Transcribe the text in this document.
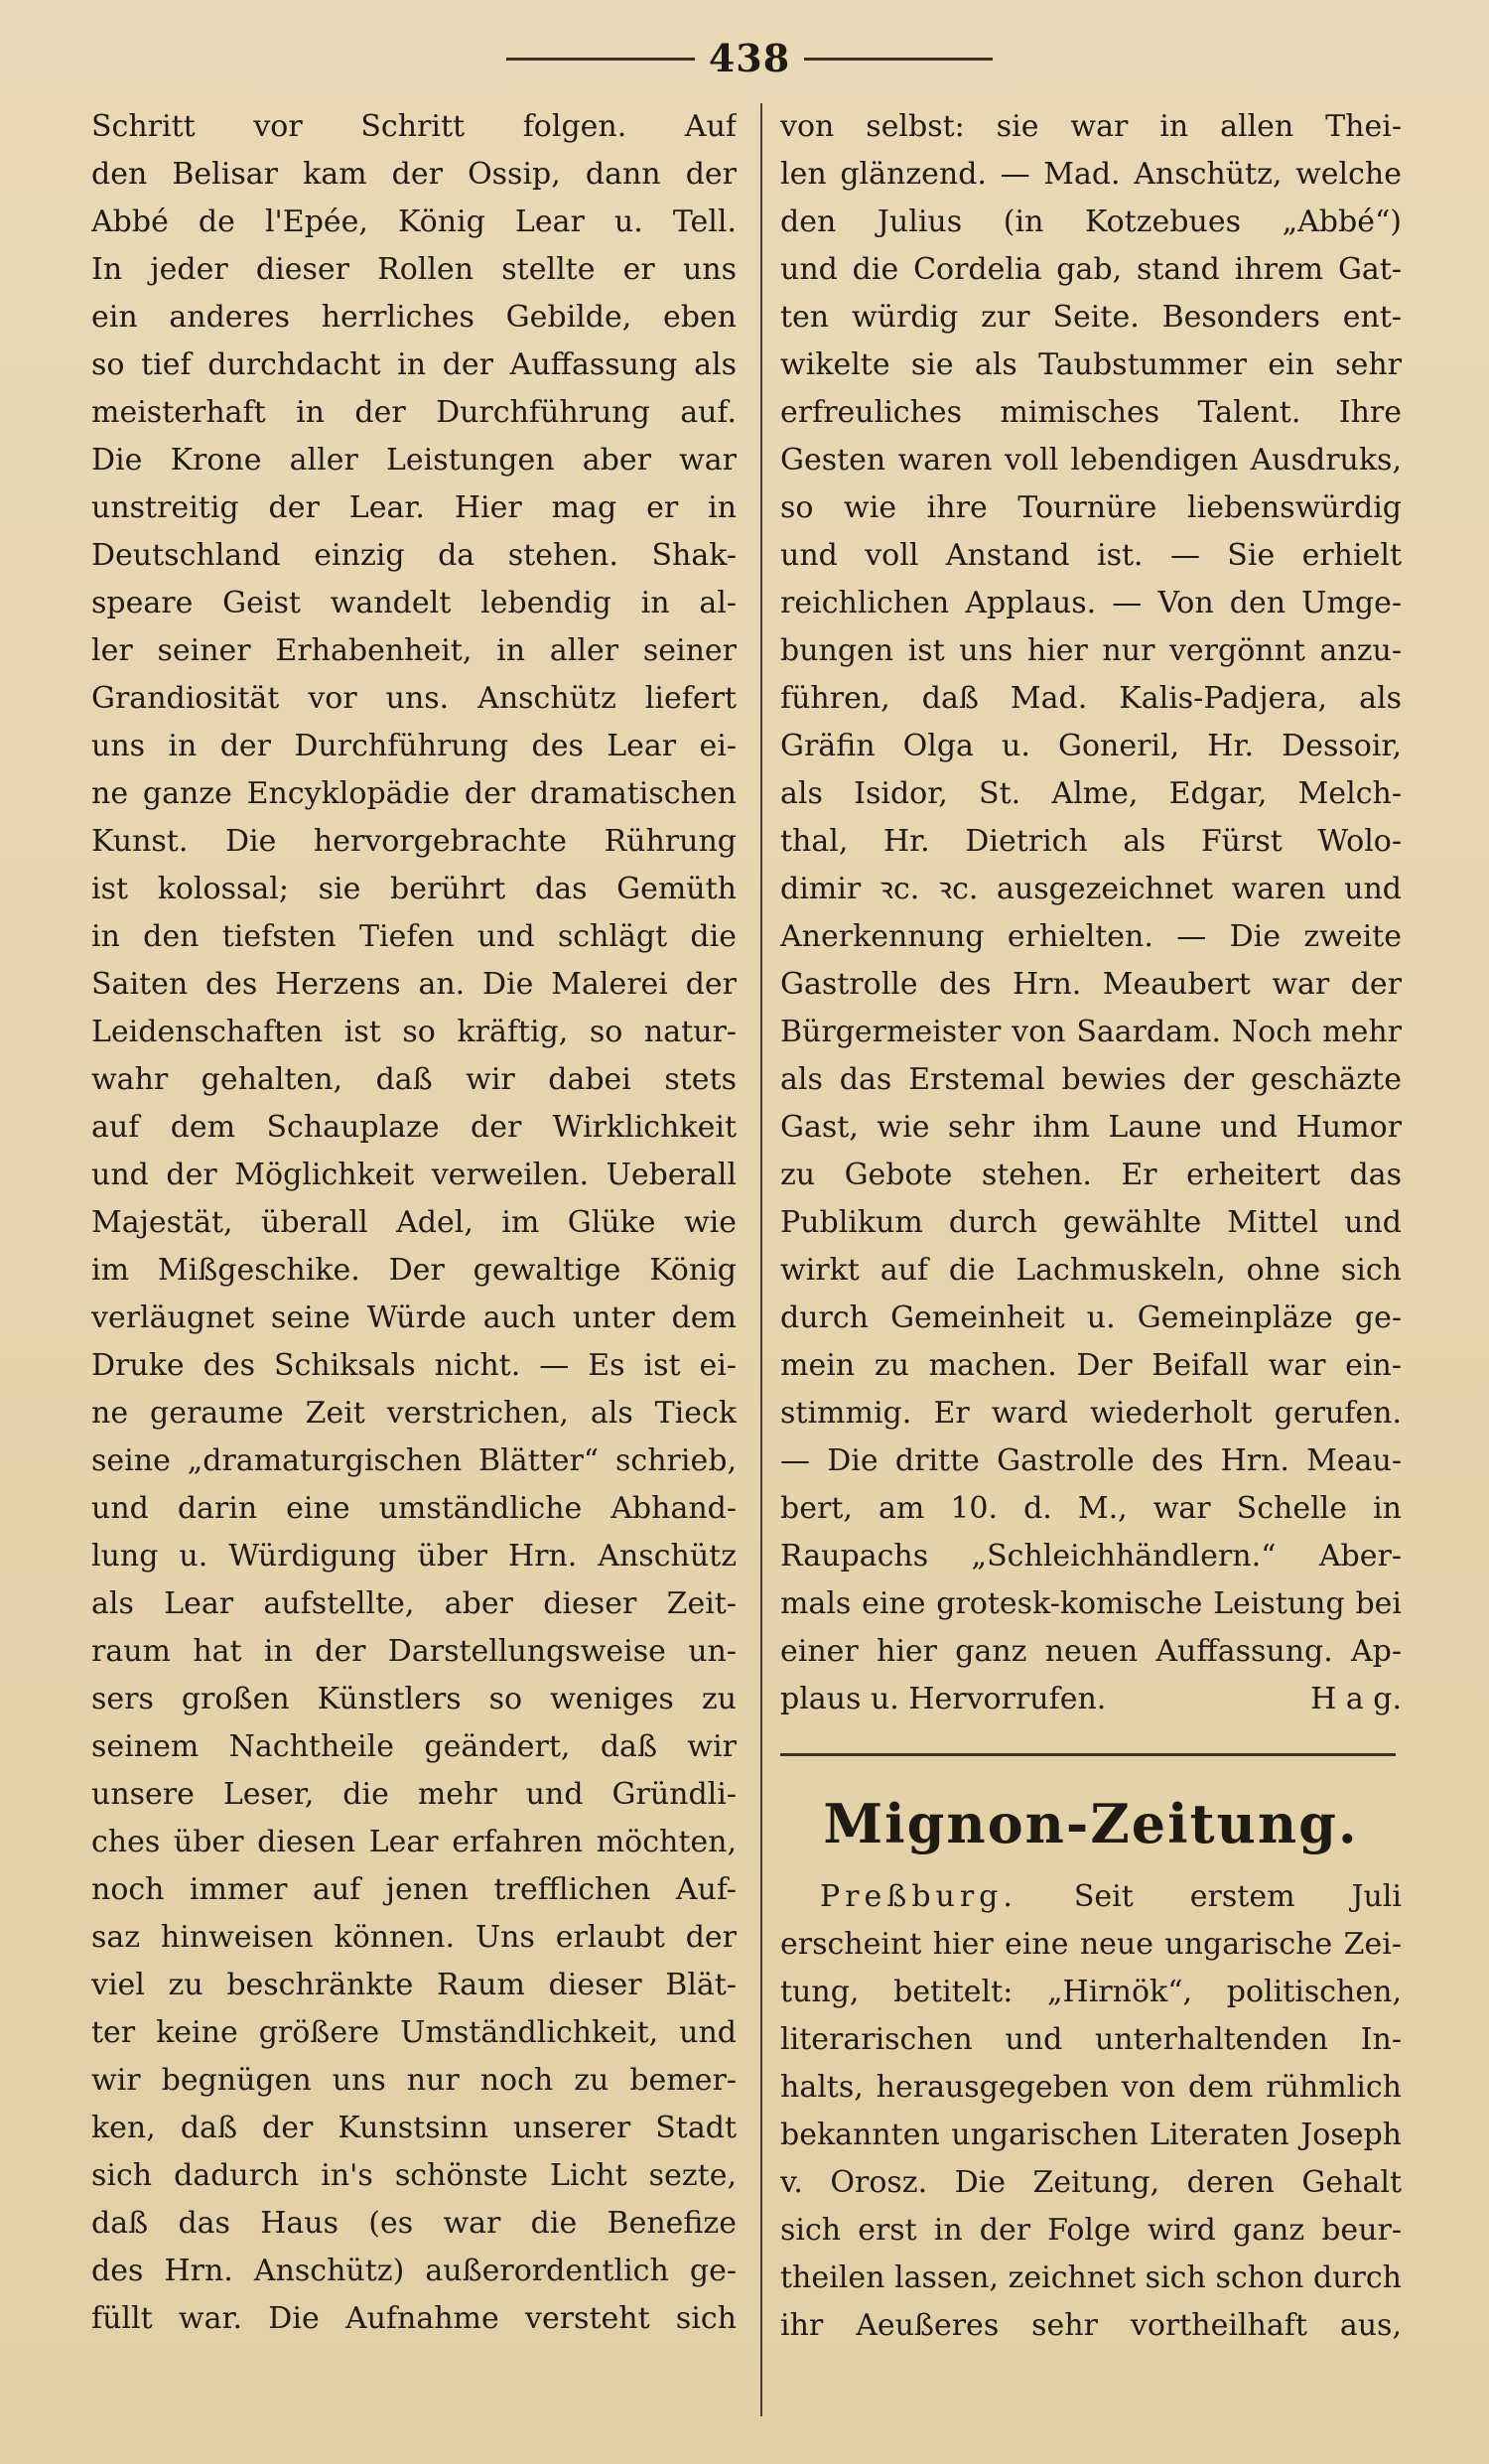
438
Schritt vor Schritt folgen. Auf
den Belisar kam der Ossip, dann der
Abbé de l'Epée, König Lear u. Tell.
In jeder dieser Rollen stellte er uns
ein anderes herrliches Gebilde, eben
so tief durchdacht in der Auffassung als
meisterhaft in der Durchführung auf.
Die Krone aller Leistungen aber war
unstreitig der Lear. Hier mag er in
Deutschland einzig da stehen. Shak-
speare Geist wandelt lebendig in al-
ler seiner Erhabenheit, in aller seiner
Grandiosität vor uns. Anschütz liefert
uns in der Durchführung des Lear ei-
ne ganze Encyklopädie der dramatischen
Kunst. Die hervorgebrachte Rührung
ist kolossal; sie berührt das Gemüth
in den tiefsten Tiefen und schlägt die
Saiten des Herzens an. Die Malerei der
Leidenschaften ist so kräftig, so natur-
wahr gehalten, daß wir dabei stets
auf dem Schauplaze der Wirklichkeit
und der Möglichkeit verweilen. Ueberall
Majestät, überall Adel, im Glüke wie
im Mißgeschike. Der gewaltige König
verläugnet seine Würde auch unter dem
Druke des Schiksals nicht. — Es ist ei-
ne geraume Zeit verstrichen, als Tieck
seine „dramaturgischen Blätter“ schrieb,
und darin eine umständliche Abhand-
lung u. Würdigung über Hrn. Anschütz
als Lear aufstellte, aber dieser Zeit-
raum hat in der Darstellungsweise un-
sers großen Künstlers so weniges zu
seinem Nachtheile geändert, daß wir
unsere Leser, die mehr und Gründli-
ches über diesen Lear erfahren möchten,
noch immer auf jenen trefflichen Auf-
saz hinweisen können. Uns erlaubt der
viel zu beschränkte Raum dieser Blät-
ter keine größere Umständlichkeit, und
wir begnügen uns nur noch zu bemer-
ken, daß der Kunstsinn unserer Stadt
sich dadurch in's schönste Licht sezte,
daß das Haus (es war die Benefize
des Hrn. Anschütz) außerordentlich ge-
füllt war. Die Aufnahme versteht sich
von selbst: sie war in allen Thei-
len glänzend. — Mad. Anschütz, welche
den Julius (in Kotzebues „Abbé“)
und die Cordelia gab, stand ihrem Gat-
ten würdig zur Seite. Besonders ent-
wikelte sie als Taubstummer ein sehr
erfreuliches mimisches Talent. Ihre
Gesten waren voll lebendigen Ausdruks,
so wie ihre Tournüre liebenswürdig
und voll Anstand ist. — Sie erhielt
reichlichen Applaus. — Von den Umge-
bungen ist uns hier nur vergönnt anzu-
führen, daß Mad. Kalis-Padjera, als
Gräfin Olga u. Goneril, Hr. Dessoir,
als Isidor, St. Alme, Edgar, Melch-
thal, Hr. Dietrich als Fürst Wolo-
dimir ꝛc. ꝛc. ausgezeichnet waren und
Anerkennung erhielten. — Die zweite
Gastrolle des Hrn. Meaubert war der
Bürgermeister von Saardam. Noch mehr
als das Erstemal bewies der geschäzte
Gast, wie sehr ihm Laune und Humor
zu Gebote stehen. Er erheitert das
Publikum durch gewählte Mittel und
wirkt auf die Lachmuskeln, ohne sich
durch Gemeinheit u. Gemeinpläze ge-
mein zu machen. Der Beifall war ein-
stimmig. Er ward wiederholt gerufen.
— Die dritte Gastrolle des Hrn. Meau-
bert, am 10. d. M., war Schelle in
Raupachs „Schleichhändlern.“ Aber-
mals eine grotesk-komische Leistung bei
einer hier ganz neuen Auffassung. Ap-
plaus u. Hervorrufen.	H a g.
Mignon-Zeitung.
Preßburg. Seit erstem Juli
erscheint hier eine neue ungarische Zei-
tung, betitelt: „Hirnök“, politischen,
literarischen und unterhaltenden In-
halts, herausgegeben von dem rühmlich
bekannten ungarischen Literaten Joseph
v. Orosz. Die Zeitung, deren Gehalt
sich erst in der Folge wird ganz beur-
theilen lassen, zeichnet sich schon durch
ihr Aeußeres sehr vortheilhaft aus,
